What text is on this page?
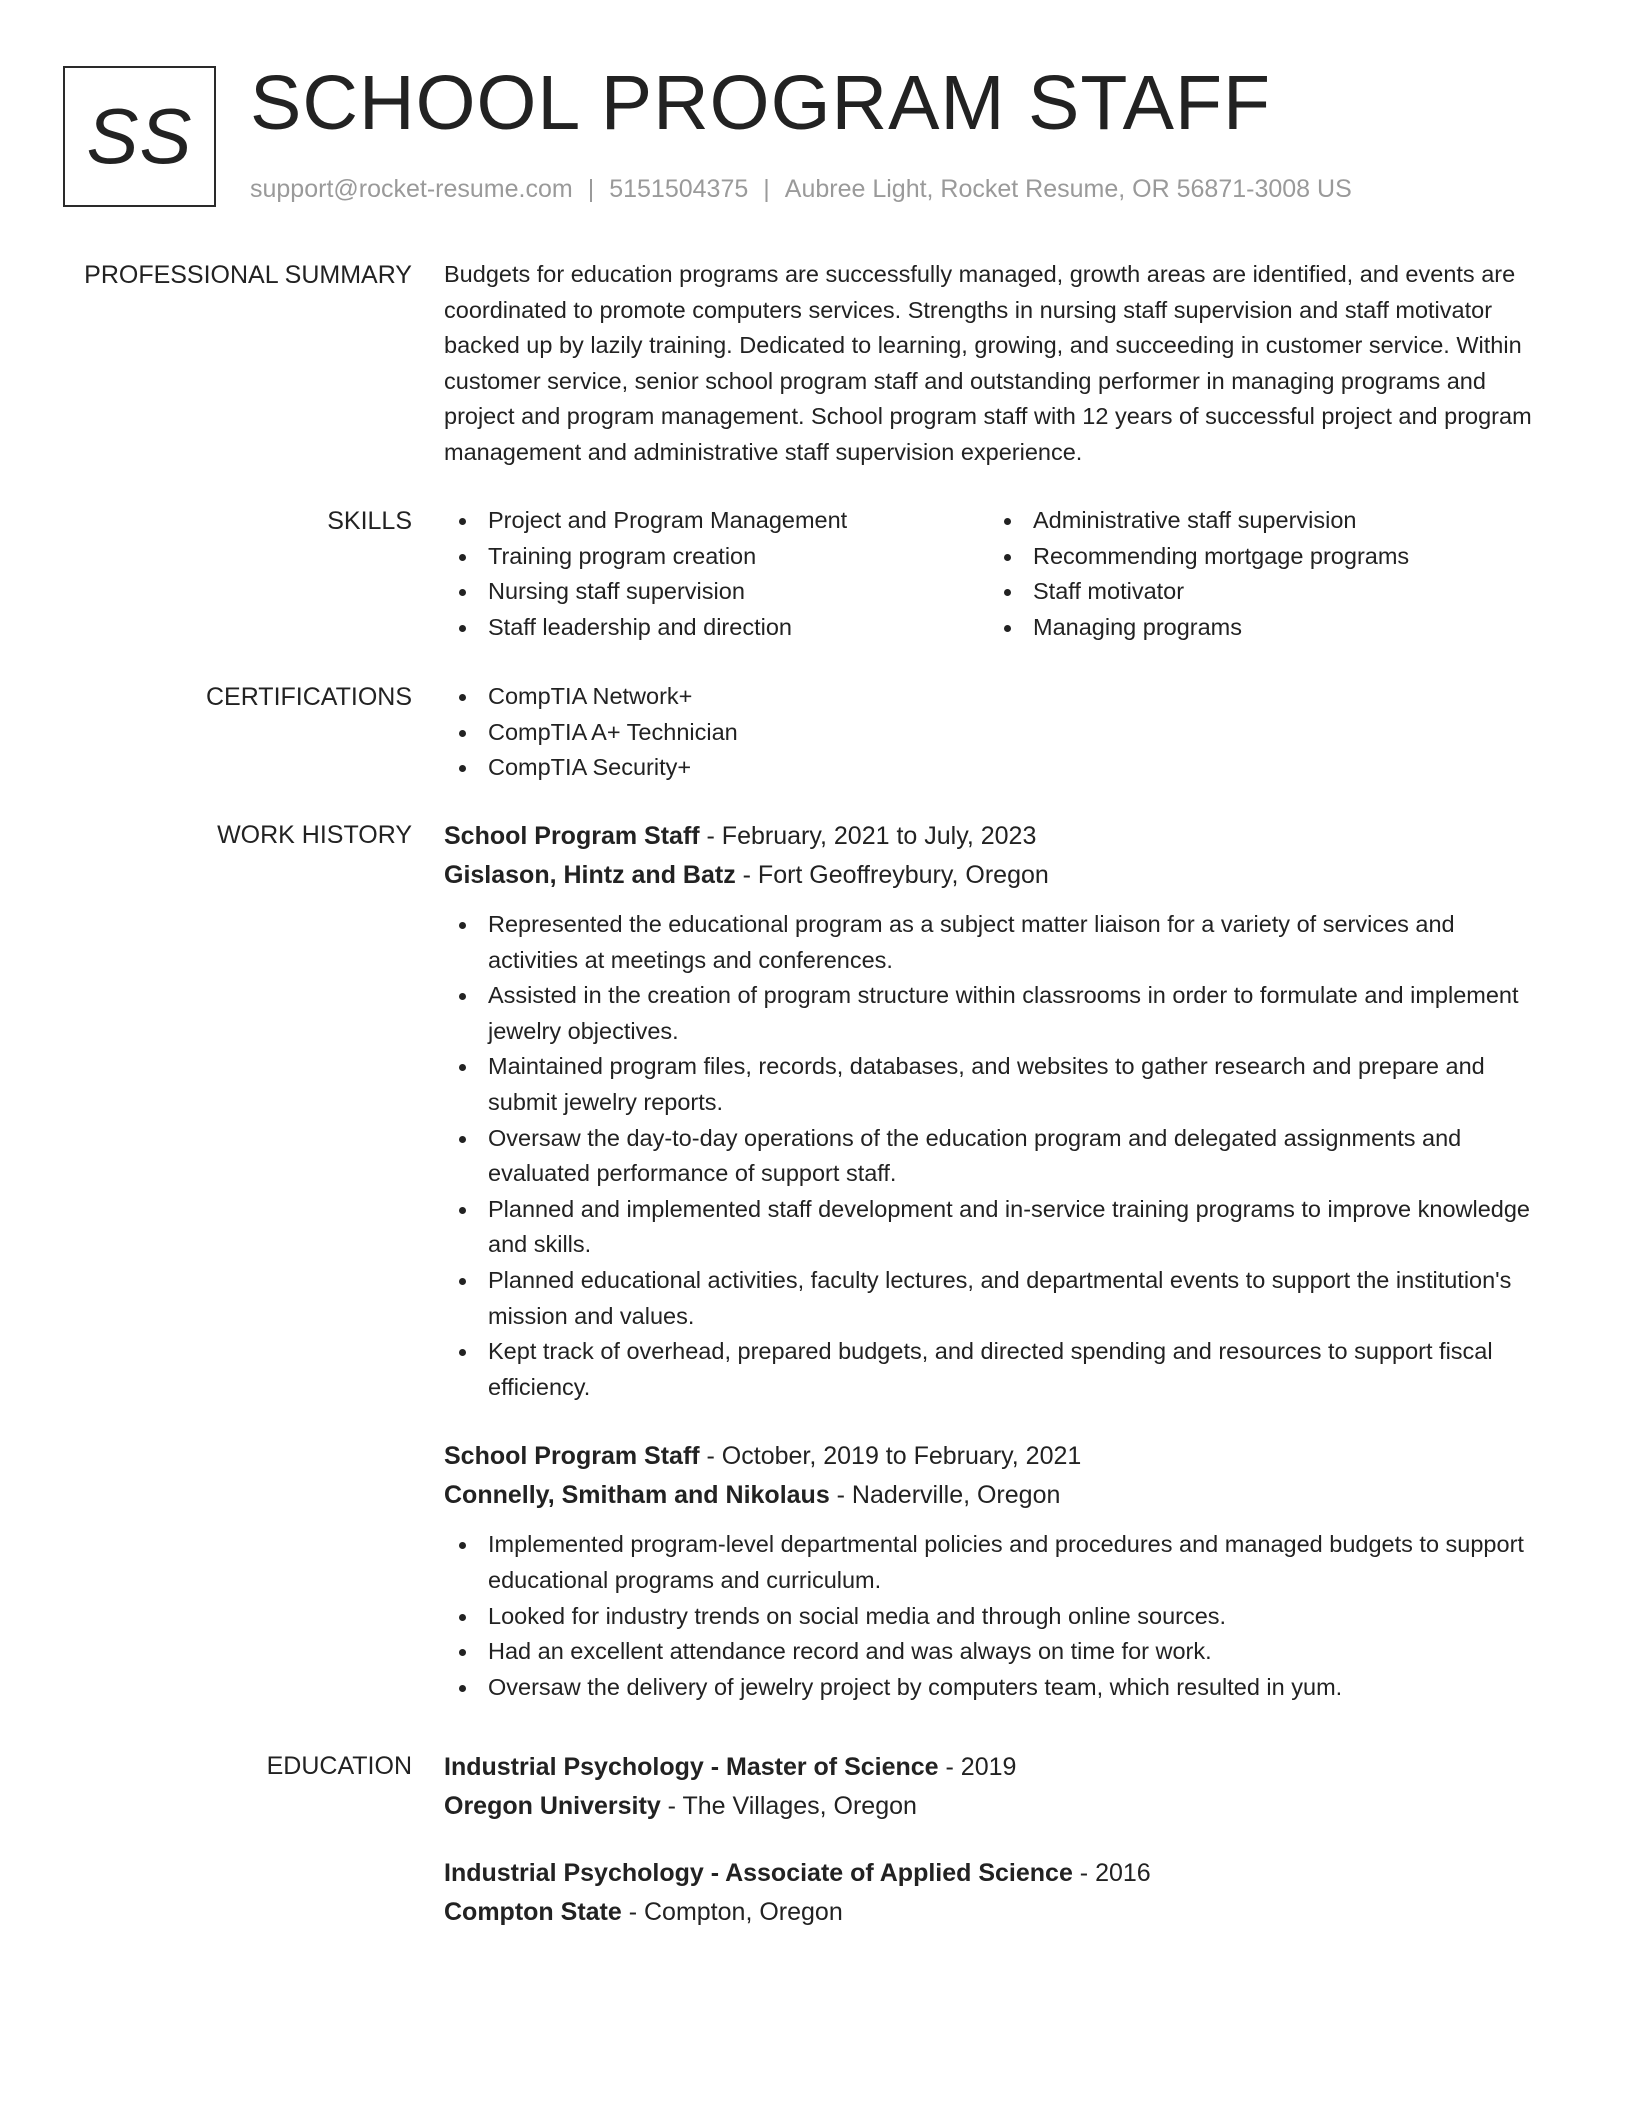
SS SCHOOL PROGRAM STAFF
support@rocket-resume.com | 5151504375 | Aubree Light, Rocket Resume, OR 56871-3008 US
PROFESSIONAL SUMMARY Budgets for education programs are successfully managed, growth areas are identified, and events are coordinated to promote computers services. Strengths in nursing staff supervision and staff motivator backed up by lazily training. Dedicated to learning, growing, and succeeding in customer service. Within customer service, senior school program staff and outstanding performer in managing programs and project and program management. School program staff with 12 years of successful project and program management and administrative staff supervision experience.
SKILLS	Project and Program Management
Training program creation
Nursing staff supervision
Staff leadership and direction
Administrative staff supervision
Recommending mortgage programs
Staff motivator
Managing programs
CERTIFICATIONS	CompTIA Network+
CompTIA A+ Technician
CompTIA Security+
WORK HISTORY School Program Staff - February, 2021 to July, 2023
Gislason, Hintz and Batz - Fort Geoffreybury, Oregon
Represented the educational program as a subject matter liaison for a variety of services and activities at meetings and conferences.
Assisted in the creation of program structure within classrooms in order to formulate and implement jewelry objectives.
Maintained program files, records, databases, and websites to gather research and prepare and submit jewelry reports.
Oversaw the day-to-day operations of the education program and delegated assignments and evaluated performance of support staff.
Planned and implemented staff development and in-service training programs to improve knowledge and skills.
Planned educational activities, faculty lectures, and departmental events to support the institution's mission and values.
Kept track of overhead, prepared budgets, and directed spending and resources to support fiscal efficiency.
School Program Staff - October, 2019 to February, 2021
Connelly, Smitham and Nikolaus - Naderville, Oregon
Implemented program-level departmental policies and procedures and managed budgets to support educational programs and curriculum.
Looked for industry trends on social media and through online sources.
Had an excellent attendance record and was always on time for work.
Oversaw the delivery of jewelry project by computers team, which resulted in yum.
EDUCATION Industrial Psychology - Master of Science - 2019
Oregon University - The Villages, Oregon
Industrial Psychology - Associate of Applied Science - 2016
Compton State - Compton, Oregon
